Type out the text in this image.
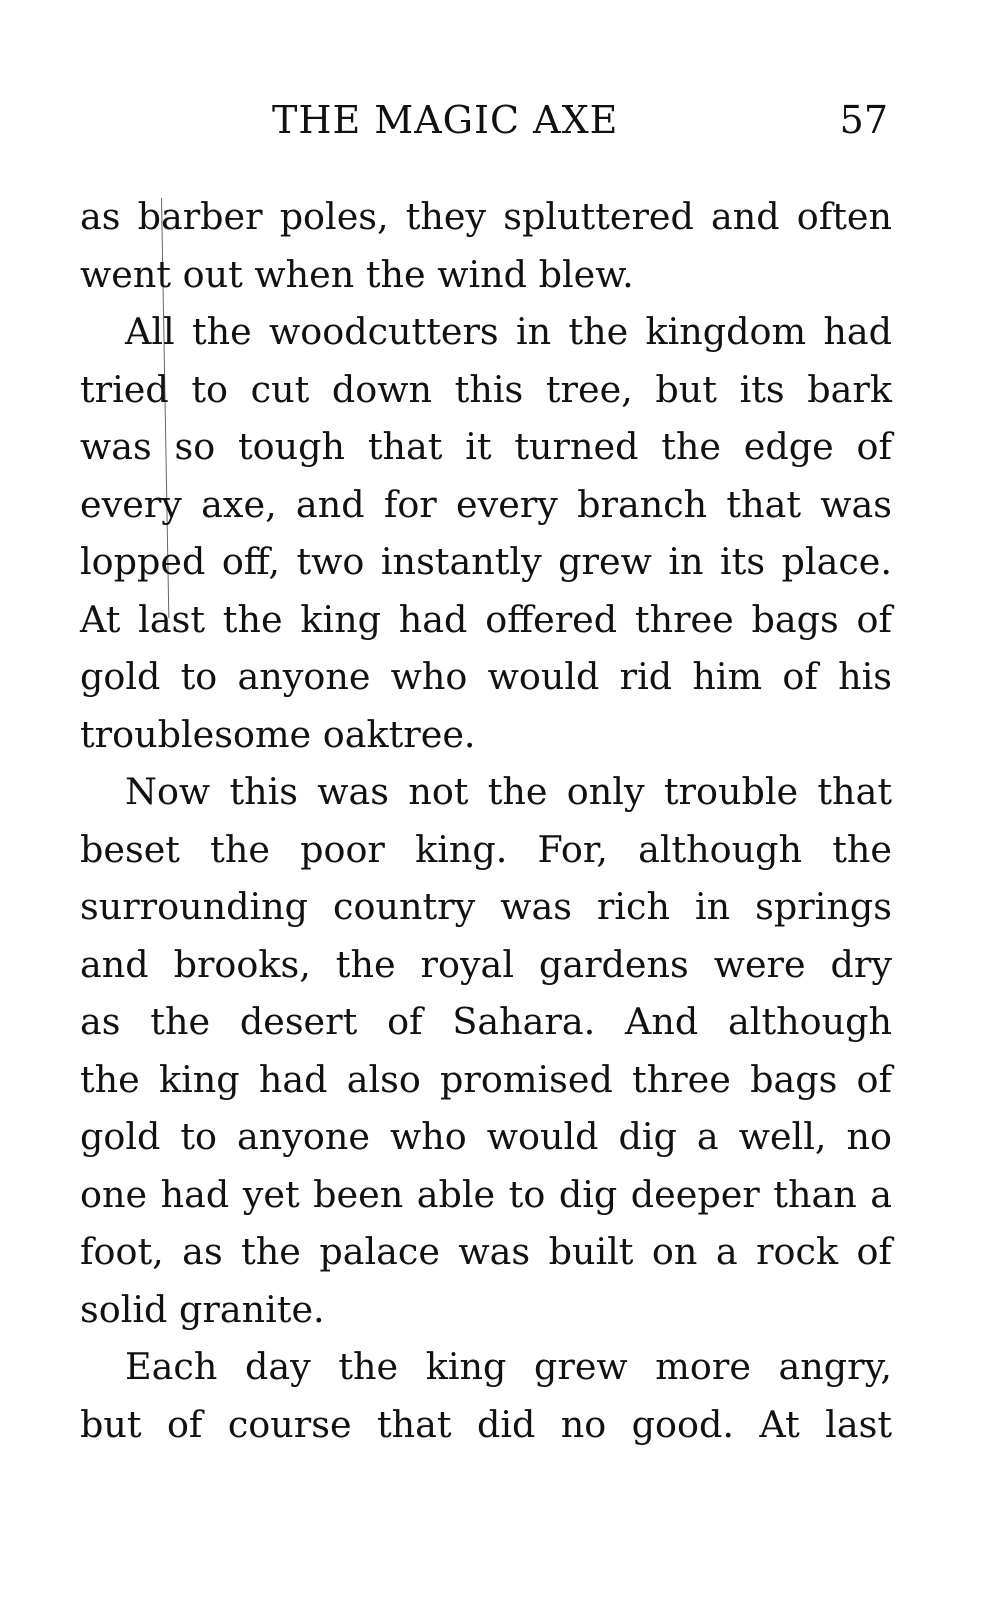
THE MAGIC AXE	57
as barber poles, they spluttered and often
went out when the wind blew.
All the woodcutters in the kingdom had
tried to cut down this tree, but its bark
was so tough that it turned the edge of
every axe, and for every branch that was
lopped off, two instantly grew in its place.
At last the king had offered three bags of
gold to anyone who would rid him of his
troublesome oaktree.
Now this was not the only trouble that
beset the poor king. For, although the
surrounding country was rich in springs
and brooks, the royal gardens were dry
as the desert of Sahara. And although
the king had also promised three bags of
gold to anyone who would dig a well, no
one had yet been able to dig deeper than a
foot, as the palace was built on a rock of
solid granite.
Each day the king grew more angry,
but of course that did no good. At last
